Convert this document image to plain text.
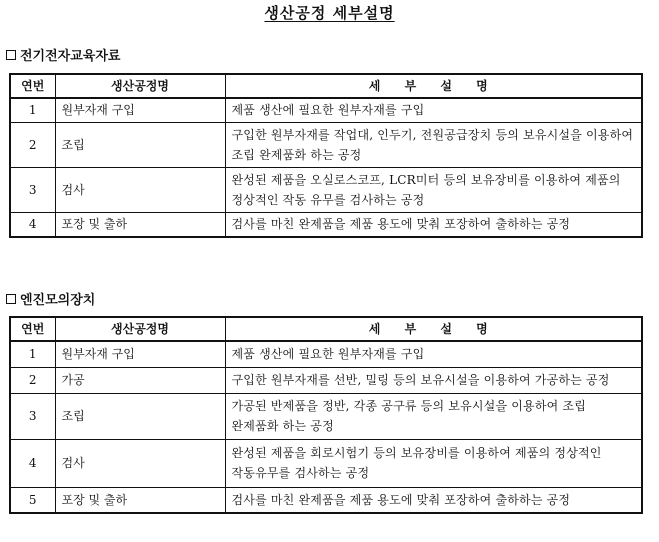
생산공정 세부설명
전기전자교육자료
연번	생산공정명	세 부 설 명
1	원부자재 구입	제품 생산에 필요한 원부자재를 구입
2	조립	구입한 원부자재를 작업대, 인두기, 전원공급장치 등의 보유시설을 이용하여 조립 완제품화 하는 공정
3	검사	완성된 제품을 오실로스코프, LCR미터 등의 보유장비를 이용하여 제품의 정상적인 작동 유무를 검사하는 공정
4	포장 및 출하	검사를 마친 완제품을 제품 용도에 맞춰 포장하여 출하하는 공정
엔진모의장치
연번	생산공정명	세 부 설 명
1	원부자재 구입	제품 생산에 필요한 원부자재를 구입
2	가공	구입한 원부자재를 선반, 밀링 등의 보유시설을 이용하여 가공하는 공정
3	조립	가공된 반제품을 정반, 각종 공구류 등의 보유시설을 이용하여 조립 완제품화 하는 공정
4	검사	완성된 제품을 회로시험기 등의 보유장비를 이용하여 제품의 정상적인 작동유무를 검사하는 공정
5	포장 및 출하	검사를 마친 완제품을 제품 용도에 맞춰 포장하여 출하하는 공정
